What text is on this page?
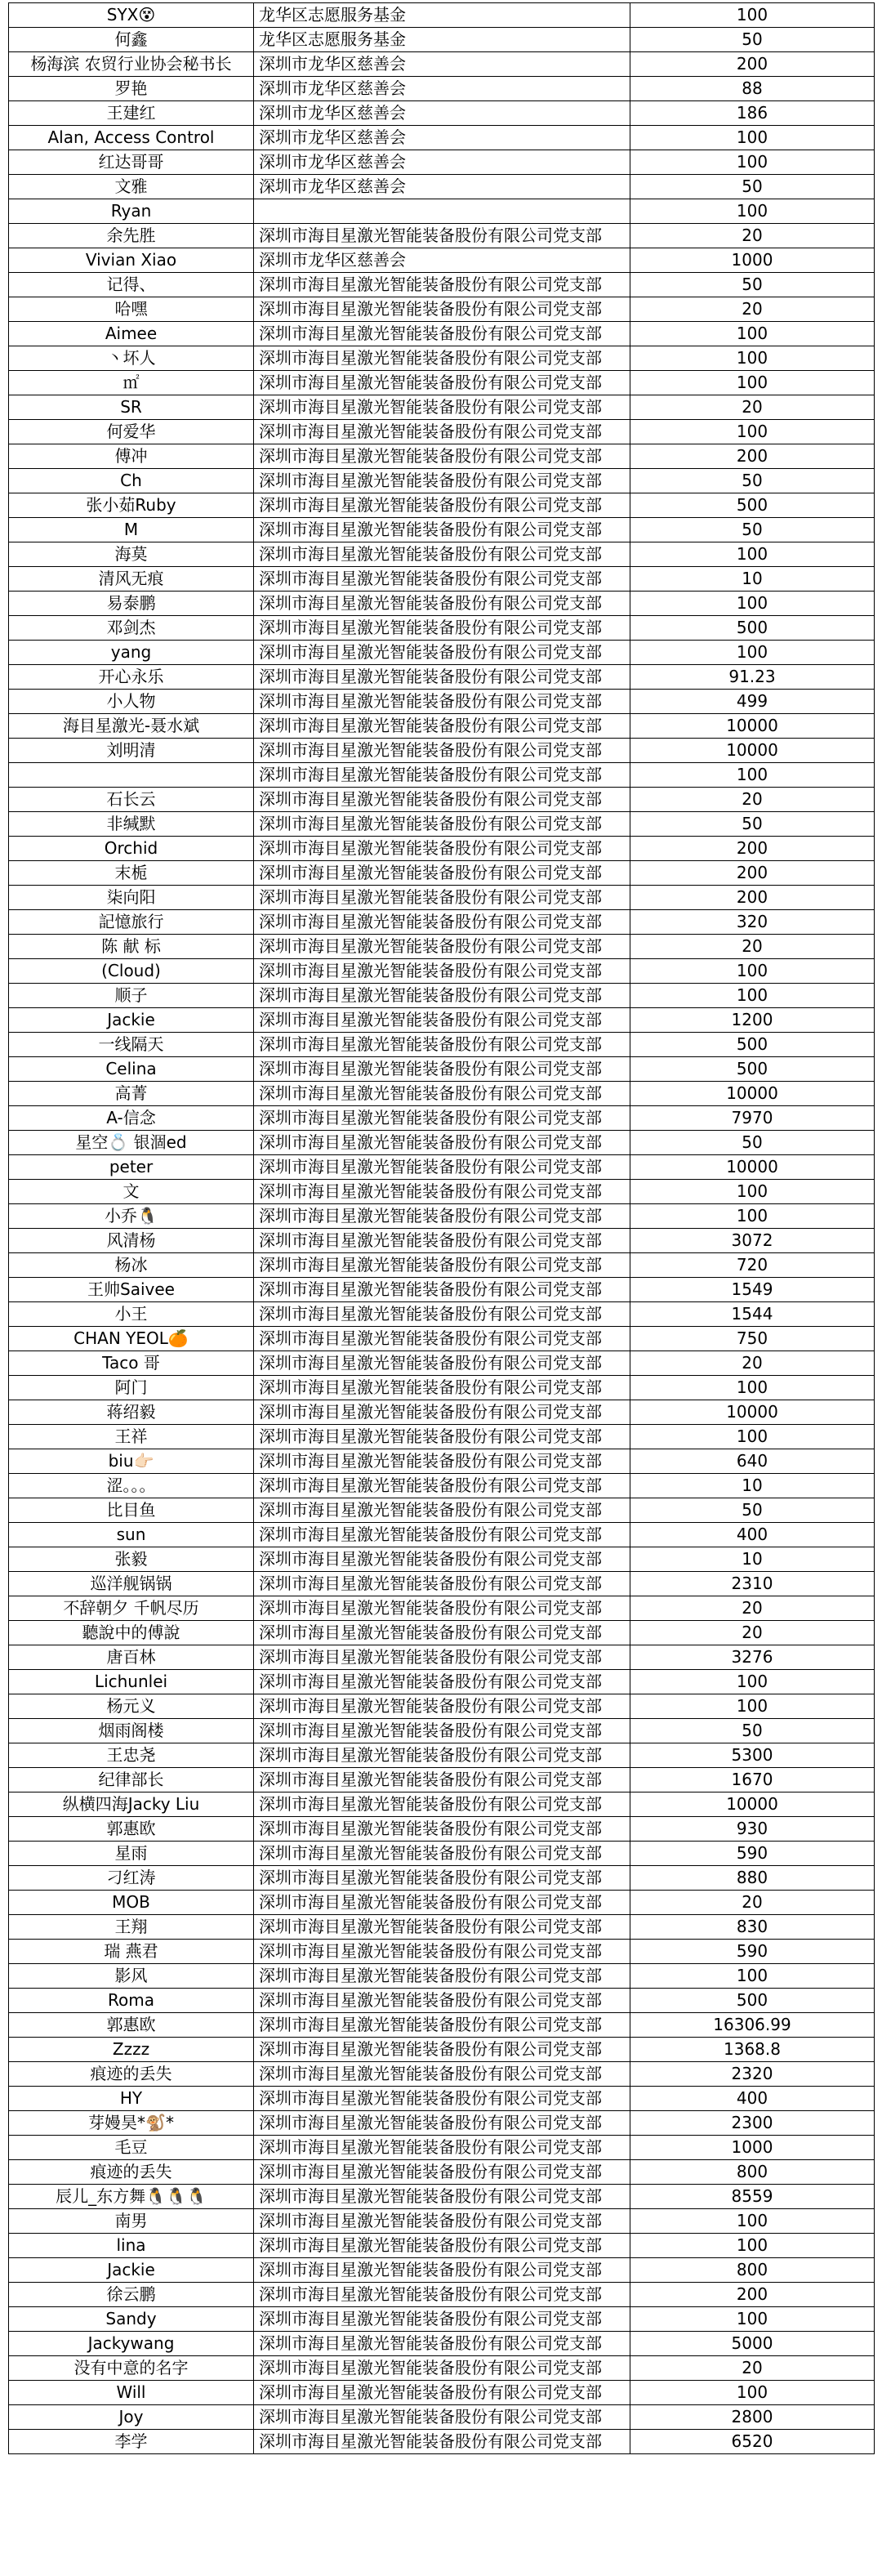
SYX😵	龙华区志愿服务基金	100
何鑫	龙华区志愿服务基金	50
杨海滨 农贸行业协会秘书长	深圳市龙华区慈善会	200
罗艳	深圳市龙华区慈善会	88
王建红	深圳市龙华区慈善会	186
Alan, Access Control	深圳市龙华区慈善会	100
红达哥哥	深圳市龙华区慈善会	100
文雅	深圳市龙华区慈善会	50
Ryan		100
余先胜	深圳市海目星激光智能装备股份有限公司党支部	20
Vivian Xiao	深圳市龙华区慈善会	1000
记得、	深圳市海目星激光智能装备股份有限公司党支部	50
哈嘿	深圳市海目星激光智能装备股份有限公司党支部	20
Aimee	深圳市海目星激光智能装备股份有限公司党支部	100
丶坏人	深圳市海目星激光智能装备股份有限公司党支部	100
㎡	深圳市海目星激光智能装备股份有限公司党支部	100
SR	深圳市海目星激光智能装备股份有限公司党支部	20
何爱华	深圳市海目星激光智能装备股份有限公司党支部	100
傅冲	深圳市海目星激光智能装备股份有限公司党支部	200
Ch	深圳市海目星激光智能装备股份有限公司党支部	50
张小茹Ruby	深圳市海目星激光智能装备股份有限公司党支部	500
M	深圳市海目星激光智能装备股份有限公司党支部	50
海莫	深圳市海目星激光智能装备股份有限公司党支部	100
清风无痕	深圳市海目星激光智能装备股份有限公司党支部	10
易泰鹏	深圳市海目星激光智能装备股份有限公司党支部	100
邓剑杰	深圳市海目星激光智能装备股份有限公司党支部	500
yang	深圳市海目星激光智能装备股份有限公司党支部	100
开心永乐	深圳市海目星激光智能装备股份有限公司党支部	91.23
小人物	深圳市海目星激光智能装备股份有限公司党支部	499
海目星激光-聂水斌	深圳市海目星激光智能装备股份有限公司党支部	10000
刘明清	深圳市海目星激光智能装备股份有限公司党支部	10000
	深圳市海目星激光智能装备股份有限公司党支部	100
石长云	深圳市海目星激光智能装备股份有限公司党支部	20
非缄默	深圳市海目星激光智能装备股份有限公司党支部	50
Orchid	深圳市海目星激光智能装备股份有限公司党支部	200
末栀	深圳市海目星激光智能装备股份有限公司党支部	200
柒向阳	深圳市海目星激光智能装备股份有限公司党支部	200
記憶旅行	深圳市海目星激光智能装备股份有限公司党支部	320
陈 献 标	深圳市海目星激光智能装备股份有限公司党支部	20
(Cloud)	深圳市海目星激光智能装备股份有限公司党支部	100
顺子	深圳市海目星激光智能装备股份有限公司党支部	100
Jackie	深圳市海目星激光智能装备股份有限公司党支部	1200
一线隔天	深圳市海目星激光智能装备股份有限公司党支部	500
Celina	深圳市海目星激光智能装备股份有限公司党支部	500
高菁	深圳市海目星激光智能装备股份有限公司党支部	10000
A-信念	深圳市海目星激光智能装备股份有限公司党支部	7970
星空💍 银涸ed	深圳市海目星激光智能装备股份有限公司党支部	50
peter	深圳市海目星激光智能装备股份有限公司党支部	10000
文	深圳市海目星激光智能装备股份有限公司党支部	100
小乔🐧	深圳市海目星激光智能装备股份有限公司党支部	100
风清杨	深圳市海目星激光智能装备股份有限公司党支部	3072
杨冰	深圳市海目星激光智能装备股份有限公司党支部	720
王帅Saivee	深圳市海目星激光智能装备股份有限公司党支部	1549
小王	深圳市海目星激光智能装备股份有限公司党支部	1544
CHAN YEOL🍊	深圳市海目星激光智能装备股份有限公司党支部	750
Taco 哥	深圳市海目星激光智能装备股份有限公司党支部	20
阿门	深圳市海目星激光智能装备股份有限公司党支部	100
蒋绍毅	深圳市海目星激光智能装备股份有限公司党支部	10000
王祥	深圳市海目星激光智能装备股份有限公司党支部	100
biu👉🏻	深圳市海目星激光智能装备股份有限公司党支部	640
涩。。。	深圳市海目星激光智能装备股份有限公司党支部	10
比目鱼	深圳市海目星激光智能装备股份有限公司党支部	50
sun	深圳市海目星激光智能装备股份有限公司党支部	400
张毅	深圳市海目星激光智能装备股份有限公司党支部	10
巡洋舰锅锅	深圳市海目星激光智能装备股份有限公司党支部	2310
不辞朝夕 千帆尽历	深圳市海目星激光智能装备股份有限公司党支部	20
聽說中的傅說	深圳市海目星激光智能装备股份有限公司党支部	20
唐百林	深圳市海目星激光智能装备股份有限公司党支部	3276
Lichunlei	深圳市海目星激光智能装备股份有限公司党支部	100
杨元义	深圳市海目星激光智能装备股份有限公司党支部	100
烟雨阁楼	深圳市海目星激光智能装备股份有限公司党支部	50
王忠尧	深圳市海目星激光智能装备股份有限公司党支部	5300
纪律部长	深圳市海目星激光智能装备股份有限公司党支部	1670
纵横四海Jacky Liu	深圳市海目星激光智能装备股份有限公司党支部	10000
郭惠欧	深圳市海目星激光智能装备股份有限公司党支部	930
星雨	深圳市海目星激光智能装备股份有限公司党支部	590
刁红涛	深圳市海目星激光智能装备股份有限公司党支部	880
MOB	深圳市海目星激光智能装备股份有限公司党支部	20
王翔	深圳市海目星激光智能装备股份有限公司党支部	830
瑞 燕君	深圳市海目星激光智能装备股份有限公司党支部	590
影风	深圳市海目星激光智能装备股份有限公司党支部	100
Roma	深圳市海目星激光智能装备股份有限公司党支部	500
郭惠欧	深圳市海目星激光智能装备股份有限公司党支部	16306.99
Zzzz	深圳市海目星激光智能装备股份有限公司党支部	1368.8
痕迹的丢失	深圳市海目星激光智能装备股份有限公司党支部	2320
HY	深圳市海目星激光智能装备股份有限公司党支部	400
芽嫚昊*🐒*	深圳市海目星激光智能装备股份有限公司党支部	2300
毛豆	深圳市海目星激光智能装备股份有限公司党支部	1000
痕迹的丢失	深圳市海目星激光智能装备股份有限公司党支部	800
辰儿_东方舞🐧🐧🐧	深圳市海目星激光智能装备股份有限公司党支部	8559
南男	深圳市海目星激光智能装备股份有限公司党支部	100
lina	深圳市海目星激光智能装备股份有限公司党支部	100
Jackie	深圳市海目星激光智能装备股份有限公司党支部	800
徐云鹏	深圳市海目星激光智能装备股份有限公司党支部	200
Sandy	深圳市海目星激光智能装备股份有限公司党支部	100
Jackywang	深圳市海目星激光智能装备股份有限公司党支部	5000
没有中意的名字	深圳市海目星激光智能装备股份有限公司党支部	20
Will	深圳市海目星激光智能装备股份有限公司党支部	100
Joy	深圳市海目星激光智能装备股份有限公司党支部	2800
李学	深圳市海目星激光智能装备股份有限公司党支部	6520
